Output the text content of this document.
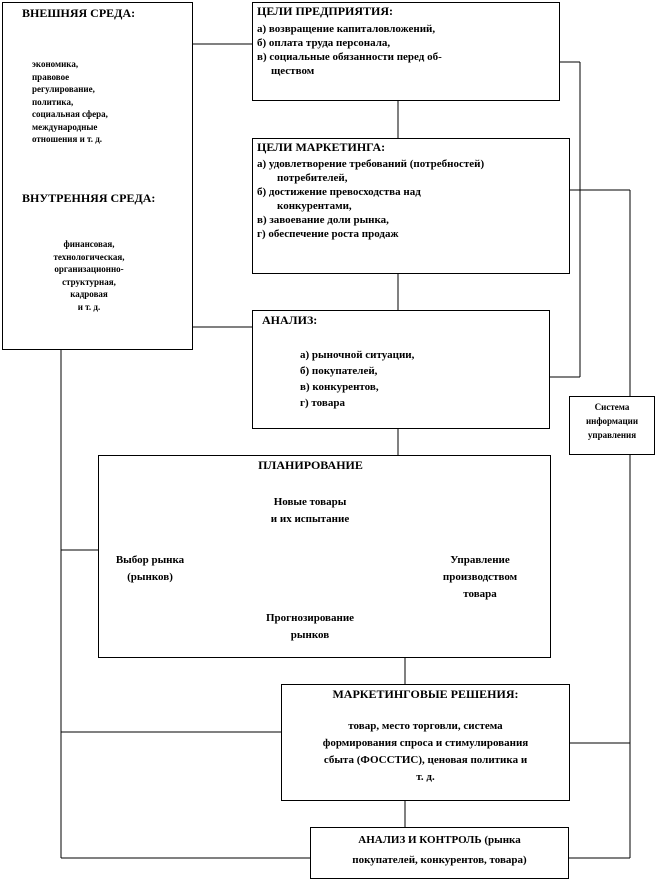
ВНЕШНЯЯ СРЕДА:
экономика,
правовое
регулирование,
политика,
социальная сфера,
международные
отношения и т. д.
ВНУТРЕННЯЯ СРЕДА:
финансовая,
технологическая,
организационно-
структурная,
кадровая
и т. д.
ЦЕЛИ ПРЕДПРИЯТИЯ:
а) возвращение капиталовложений,
б) оплата труда персонала,
в) социальные обязанности перед об-
ществом
ЦЕЛИ МАРКЕТИНГА:
а) удовлетворение требований (потребностей)
потребителей,
б) достижение превосходства над
конкурентами,
в) завоевание доли рынка,
г) обеспечение роста продаж
АНАЛИЗ:
а) рыночной ситуации,
б) покупателей,
в) конкурентов,
г) товара	Система
информации
управления
ПЛАНИРОВАНИЕ
Новые товары
и их испытание
Выбор рынка
(рынков)
Управление
производством
товара
Прогнозирование
рынков
МАРКЕТИНГОВЫЕ РЕШЕНИЯ:
товар, место торговли, система
формирования спроса и стимулирования
сбыта (ФОССТИС), ценовая политика и
т. д.
АНАЛИЗ И КОНТРОЛЬ (рынка
покупателей, конкурентов, товара)
